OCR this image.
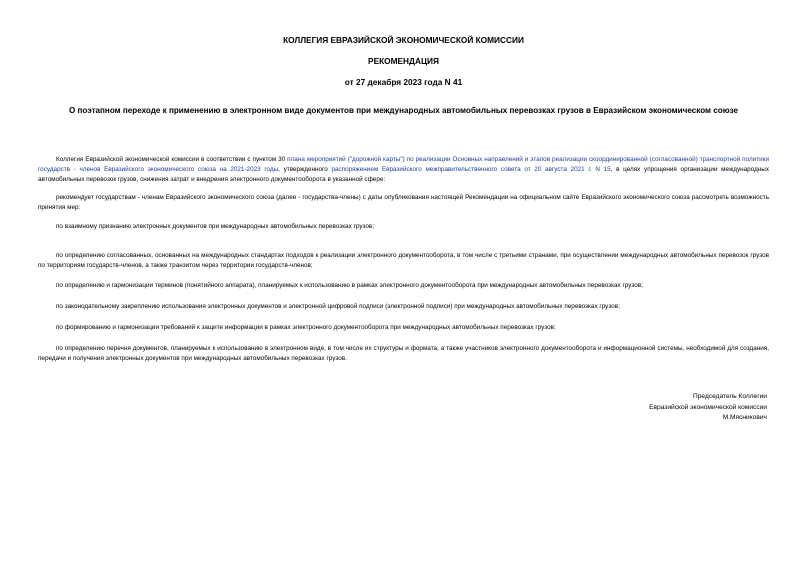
КОЛЛЕГИЯ ЕВРАЗИЙСКОЙ ЭКОНОМИЧЕСКОЙ КОМИССИИ
РЕКОМЕНДАЦИЯ
от 27 декабря 2023 года N 41
О поэтапном переходе к применению в электронном виде документов при международных автомобильных перевозках грузов в Евразийском экономическом союзе

Коллегия Евразийской экономической комиссии в соответствии с пунктом 30 плана мероприятий ("дорожной карты") по реализации Основных направлений и этапов реализации скоординированной (согласованной) транспортной политики государств - членов Евразийского экономического союза на 2021-2023 годы, утвержденного распоряжением Евразийского межправительственного совета от 20 августа 2021 г. N 15, в целях упрощения организации международных автомобильных перевозок грузов, снижения затрат и внедрения электронного документооборота в указанной сфере:

рекомендует государствам - членам Евразийского экономического союза (далее - государства-члены) с даты опубликования настоящей Рекомендации на официальном сайте Евразийского экономического союза рассмотреть возможность принятия мер:

по взаимному признанию электронных документов при международных автомобильных перевозках грузов;

по определению согласованных, основанных на международных стандартах подходов к реализации электронного документооборота, в том числе с третьими странами, при осуществлении международных автомобильных перевозок грузов по территориям государств-членов, а также транзитом через территории государств-членов;

по определению и гармонизации терминов (понятийного аппарата), планируемых к использованию в рамках электронного документооборота при международных автомобильных перевозках грузов;

по законодательному закреплению использования электронных документов и электронной цифровой подписи (электронной подписи) при международных автомобильных перевозках грузов;

по формированию и гармонизации требований к защите информации в рамках электронного документооборота при международных автомобильных перевозках грузов;

по определению перечня документов, планируемых к использованию в электронном виде, в том числе их структуры и формата, а также участников электронного документооборота и информационной системы, необходимой для создания, передачи и получения электронных документов при международных автомобильных перевозках грузов.

Председатель Коллегии
Евразийской экономической комиссии
М.Мясникович
